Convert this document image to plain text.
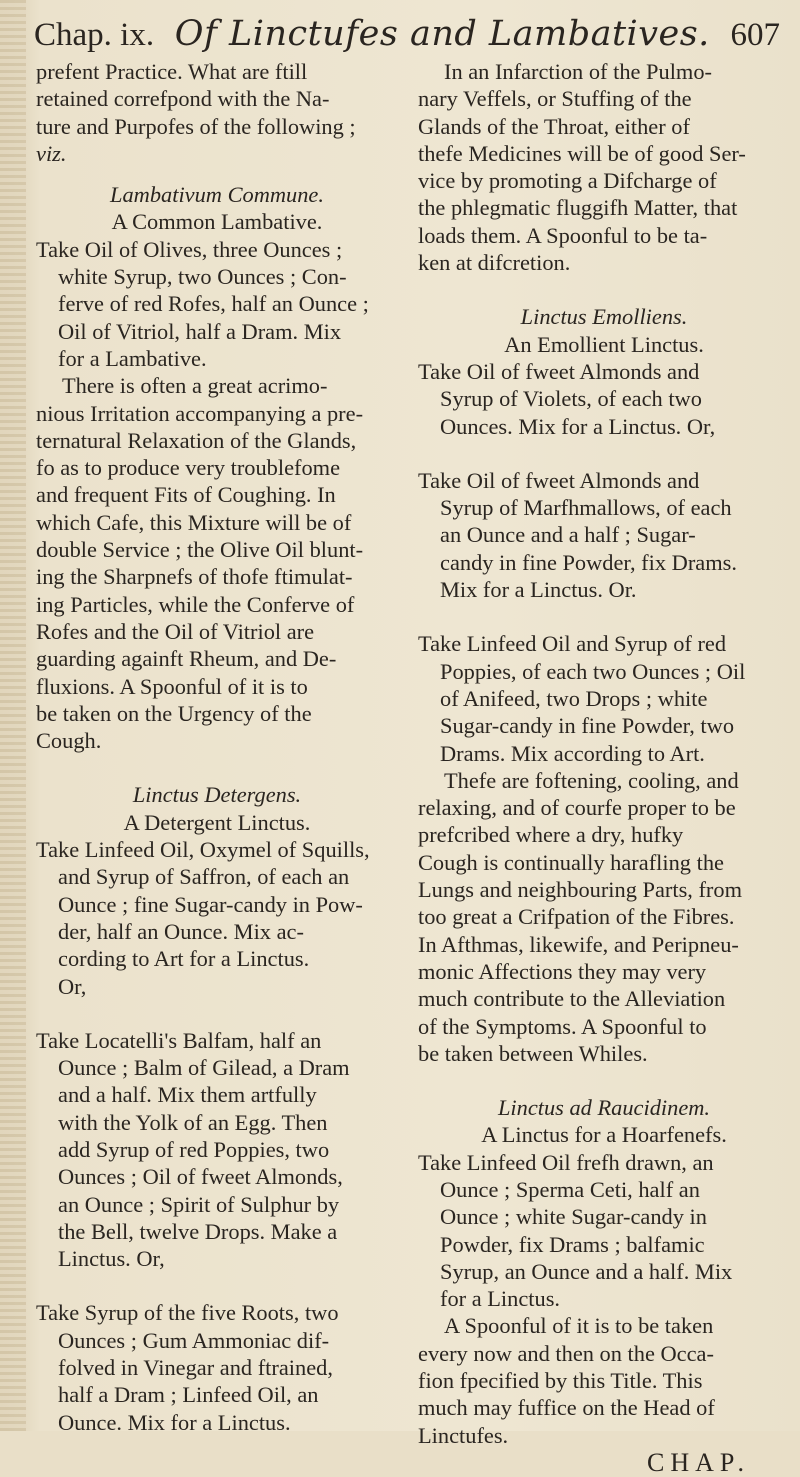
Chap. ix. Of Linctufes and Lambatives. 607
prefent Practice. What are ftill
retained correfpond with the Na-
ture and Purpofes of the following ;
viz.
Lambativum Commune.
A Common Lambative.
Take Oil of Olives, three Ounces ;
white Syrup, two Ounces ; Con-
ferve of red Rofes, half an Ounce ;
Oil of Vitriol, half a Dram. Mix
for a Lambative.
There is often a great acrimo-
nious Irritation accompanying a pre-
ternatural Relaxation of the Glands,
fo as to produce very troublefome
and frequent Fits of Coughing. In
which Cafe, this Mixture will be of
double Service ; the Olive Oil blunt-
ing the Sharpnefs of thofe ftimulat-
ing Particles, while the Conferve of
Rofes and the Oil of Vitriol are
guarding againft Rheum, and De-
fluxions. A Spoonful of it is to
be taken on the Urgency of the
Cough.
Linctus Detergens.
A Detergent Linctus.
Take Linfeed Oil, Oxymel of Squills,
and Syrup of Saffron, of each an
Ounce ; fine Sugar-candy in Pow-
der, half an Ounce. Mix ac-
cording to Art for a Linctus.
Or,
Take Locatelli's Balfam, half an
Ounce ; Balm of Gilead, a Dram
and a half. Mix them artfully
with the Yolk of an Egg. Then
add Syrup of red Poppies, two
Ounces ; Oil of fweet Almonds,
an Ounce ; Spirit of Sulphur by
the Bell, twelve Drops. Make a
Linctus. Or,
Take Syrup of the five Roots, two
Ounces ; Gum Ammoniac dif-
folved in Vinegar and ftrained,
half a Dram ; Linfeed Oil, an
Ounce. Mix for a Linctus.
In an Infarction of the Pulmo-
nary Veffels, or Stuffing of the
Glands of the Throat, either of
thefe Medicines will be of good Ser-
vice by promoting a Difcharge of
the phlegmatic fluggifh Matter, that
loads them. A Spoonful to be ta-
ken at difcretion.
Linctus Emolliens.
An Emollient Linctus.
Take Oil of fweet Almonds and
Syrup of Violets, of each two
Ounces. Mix for a Linctus. Or,
Take Oil of fweet Almonds and
Syrup of Marfhmallows, of each
an Ounce and a half ; Sugar-
candy in fine Powder, fix Drams.
Mix for a Linctus. Or.
Take Linfeed Oil and Syrup of red
Poppies, of each two Ounces ; Oil
of Anifeed, two Drops ; white
Sugar-candy in fine Powder, two
Drams. Mix according to Art.
Thefe are foftening, cooling, and
relaxing, and of courfe proper to be
prefcribed where a dry, hufky
Cough is continually harafling the
Lungs and neighbouring Parts, from
too great a Crifpation of the Fibres.
In Afthmas, likewife, and Peripneu-
monic Affections they may very
much contribute to the Alleviation
of the Symptoms. A Spoonful to
be taken between Whiles.
Linctus ad Raucidinem.
A Linctus for a Hoarfenefs.
Take Linfeed Oil frefh drawn, an
Ounce ; Sperma Ceti, half an
Ounce ; white Sugar-candy in
Powder, fix Drams ; balfamic
Syrup, an Ounce and a half. Mix
for a Linctus.
A Spoonful of it is to be taken
every now and then on the Occa-
fion fpecified by this Title. This
much may fuffice on the Head of
Linctufes.
CHAP.
